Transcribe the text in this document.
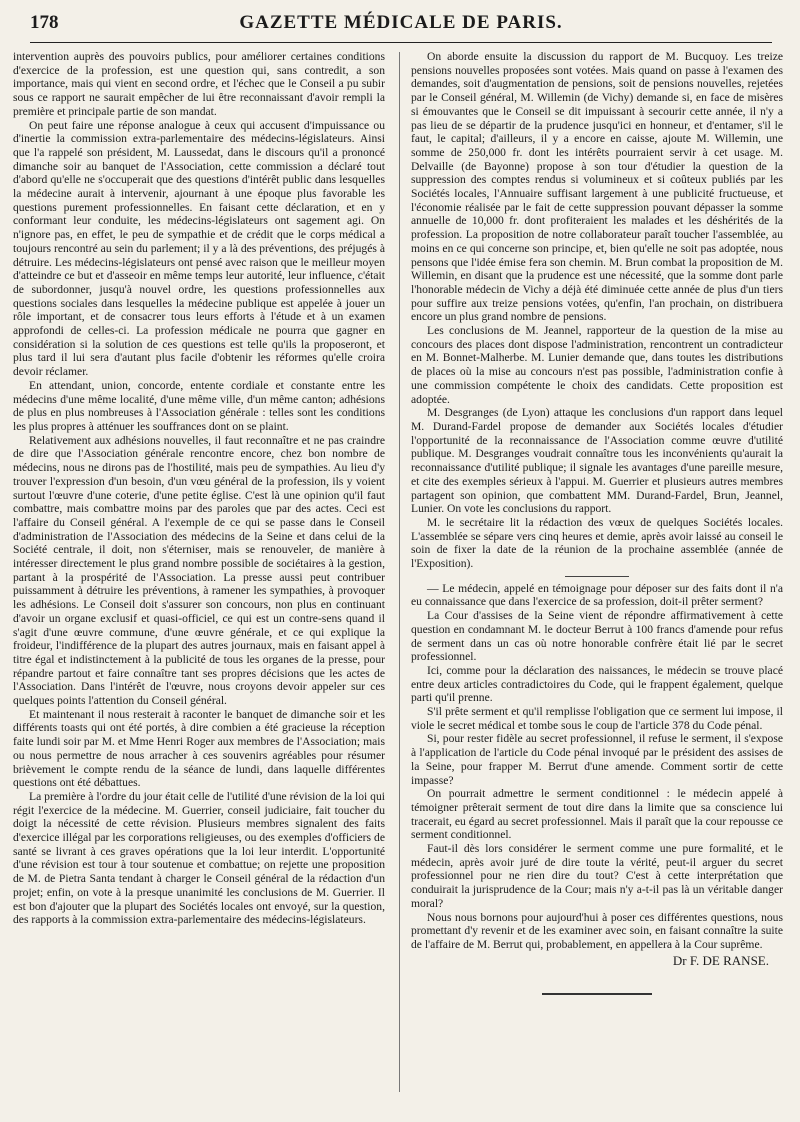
178	GAZETTE MÉDICALE DE PARIS.

intervention auprès des pouvoirs publics, pour améliorer certaines conditions d'exercice de la profession, est une question qui, sans contredit, a son importance, mais qui vient en second ordre, et l'échec que le Conseil a pu subir sous ce rapport ne saurait empêcher de lui être reconnaissant d'avoir rempli la première et principale partie de son mandat.

On peut faire une réponse analogue à ceux qui accusent d'impuissance ou d'inertie la commission extra-parlementaire des médecins-législateurs. Ainsi que l'a rappelé son président, M. Laussedat, dans le discours qu'il a prononcé dimanche soir au banquet de l'Association, cette commission a déclaré tout d'abord qu'elle ne s'occuperait que des questions d'intérêt public dans lesquelles la médecine aurait à intervenir, ajournant à une époque plus favorable les questions purement professionnelles. En faisant cette déclaration, et en y conformant leur conduite, les médecins-législateurs ont sagement agi. On n'ignore pas, en effet, le peu de sympathie et de crédit que le corps médical a toujours rencontré au sein du parlement; il y a là des préventions, des préjugés à détruire. Les médecins-législateurs ont pensé avec raison que le meilleur moyen d'atteindre ce but et d'asseoir en même temps leur autorité, leur influence, c'était de subordonner, jusqu'à nouvel ordre, les questions professionnelles aux questions sociales dans lesquelles la médecine publique est appelée à jouer un rôle important, et de consacrer tous leurs efforts à l'étude et à un examen approfondi de celles-ci. La profession médicale ne pourra que gagner en considération si la solution de ces questions est telle qu'ils la proposeront, et plus tard il lui sera d'autant plus facile d'obtenir les réformes qu'elle croira devoir réclamer.

En attendant, union, concorde, entente cordiale et constante entre les médecins d'une même localité, d'une même ville, d'un même canton; adhésions de plus en plus nombreuses à l'Association générale : telles sont les conditions les plus propres à atténuer les souffrances dont on se plaint.

Relativement aux adhésions nouvelles, il faut reconnaître et ne pas craindre de dire que l'Association générale rencontre encore, chez bon nombre de médecins, nous ne dirons pas de l'hostilité, mais peu de sympathies. Au lieu d'y trouver l'expression d'un besoin, d'un vœu général de la profession, ils y voient surtout l'œuvre d'une coterie, d'une petite église. C'est là une opinion qu'il faut combattre, mais combattre moins par des paroles que par des actes. Ceci est l'affaire du Conseil général. A l'exemple de ce qui se passe dans le Conseil d'administration de l'Association des médecins de la Seine et dans celui de la Société centrale, il doit, non s'éterniser, mais se renouveler, de manière à intéresser directement le plus grand nombre possible de sociétaires à la gestion, partant à la prospérité de l'Association. La presse aussi peut contribuer puissamment à détruire les préventions, à ramener les sympathies, à provoquer les adhésions. Le Conseil doit s'assurer son concours, non plus en continuant d'avoir un organe exclusif et quasi-officiel, ce qui est un contre-sens quand il s'agit d'une œuvre commune, d'une œuvre générale, et ce qui explique la froideur, l'indifférence de la plupart des autres journaux, mais en faisant appel à titre égal et indistinctement à la publicité de tous les organes de la presse, pour répandre partout et faire connaître tant ses propres décisions que les actes de l'Association. Dans l'intérêt de l'œuvre, nous croyons devoir appeler sur ces quelques points l'attention du Conseil général.

Et maintenant il nous resterait à raconter le banquet de dimanche soir et les différents toasts qui ont été portés, à dire combien a été gracieuse la réception faite lundi soir par M. et Mme Henri Roger aux membres de l'Association; mais ou nous permettre de nous arracher à ces souvenirs agréables pour résumer brièvement le compte rendu de la séance de lundi, dans laquelle différentes questions ont été débattues.

La première à l'ordre du jour était celle de l'utilité d'une révision de la loi qui régit l'exercice de la médecine. M. Guerrier, conseil judiciaire, fait toucher du doigt la nécessité de cette révision. Plusieurs membres signalent des faits d'exercice illégal par les corporations religieuses, ou des exemples d'officiers de santé se livrant à ces graves opérations que la loi leur interdit. L'opportunité d'une révision est tour à tour soutenue et combattue; on rejette une proposition de M. de Pietra Santa tendant à charger le Conseil général de la rédaction d'un projet; enfin, on vote à la presque unanimité les conclusions de M. Guerrier. Il est bon d'ajouter que la plupart des Sociétés locales ont envoyé, sur la question, des rapports à la commission extra-parlementaire des médecins-législateurs.

On aborde ensuite la discussion du rapport de M. Bucquoy. Les treize pensions nouvelles proposées sont votées. Mais quand on passe à l'examen des demandes, soit d'augmentation de pensions, soit de pensions nouvelles, rejetées par le Conseil général, M. Willemin (de Vichy) demande si, en face de misères si émouvantes que le Conseil se dit impuissant à secourir cette année, il n'y a pas lieu de se départir de la prudence jusqu'ici en honneur, et d'entamer, s'il le faut, le capital; d'ailleurs, il y a encore en caisse, ajoute M. Willemin, une somme de 250,000 fr. dont les intérêts pourraient servir à cet usage. M. Delvaille (de Bayonne) propose à son tour d'étudier la question de la suppression des comptes rendus si volumineux et si coûteux publiés par les Sociétés locales, l'Annuaire suffisant largement à une publicité fructueuse, et l'économie réalisée par le fait de cette suppression pouvant dépasser la somme annuelle de 10,000 fr. dont profiteraient les malades et les déshérités de la profession. La proposition de notre collaborateur paraît toucher l'assemblée, au moins en ce qui concerne son principe, et, bien qu'elle ne soit pas adoptée, nous pensons que l'idée émise fera son chemin. M. Brun combat la proposition de M. Willemin, en disant que la prudence est une nécessité, que la somme dont parle l'honorable médecin de Vichy a déjà été diminuée cette année de plus d'un tiers pour suffire aux treize pensions votées, qu'enfin, l'an prochain, on distribuera encore un plus grand nombre de pensions.

Les conclusions de M. Jeannel, rapporteur de la question de la mise au concours des places dont dispose l'administration, rencontrent un contradicteur en M. Bonnet-Malherbe. M. Lunier demande que, dans toutes les distributions de places où la mise au concours n'est pas possible, l'administration confie à une commission compétente le choix des candidats. Cette proposition est adoptée.

M. Desgranges (de Lyon) attaque les conclusions d'un rapport dans lequel M. Durand-Fardel propose de demander aux Sociétés locales d'étudier l'opportunité de la reconnaissance de l'Association comme œuvre d'utilité publique. M. Desgranges voudrait connaître tous les inconvénients qu'aurait la reconnaissance d'utilité publique; il signale les avantages d'une pareille mesure, et cite des exemples sérieux à l'appui. M. Guerrier et plusieurs autres membres partagent son opinion, que combattent MM. Durand-Fardel, Brun, Jeannel, Lunier. On vote les conclusions du rapport.

M. le secrétaire lit la rédaction des vœux de quelques Sociétés locales. L'assemblée se sépare vers cinq heures et demie, après avoir laissé au conseil le soin de fixer la date de la réunion de la prochaine assemblée (année de l'Exposition).

— Le médecin, appelé en témoignage pour déposer sur des faits dont il n'a eu connaissance que dans l'exercice de sa profession, doit-il prêter serment?

La Cour d'assises de la Seine vient de répondre affirmativement à cette question en condamnant M. le docteur Berrut à 100 francs d'amende pour refus de serment dans un cas où notre honorable confrère était lié par le secret professionnel.

Ici, comme pour la déclaration des naissances, le médecin se trouve placé entre deux articles contradictoires du Code, qui le frappent également, quelque parti qu'il prenne.

S'il prête serment et qu'il remplisse l'obligation que ce serment lui impose, il viole le secret médical et tombe sous le coup de l'article 378 du Code pénal.

Si, pour rester fidèle au secret professionnel, il refuse le serment, il s'expose à l'application de l'article du Code pénal invoqué par le président des assises de la Seine, pour frapper M. Berrut d'une amende. Comment sortir de cette impasse?

On pourrait admettre le serment conditionnel : le médecin appelé à témoigner prêterait serment de tout dire dans la limite que sa conscience lui tracerait, eu égard au secret professionnel. Mais il paraît que la cour repousse ce serment conditionnel.

Faut-il dès lors considérer le serment comme une pure formalité, et le médecin, après avoir juré de dire toute la vérité, peut-il arguer du secret professionnel pour ne rien dire du tout? C'est à cette interprétation que conduirait la jurisprudence de la Cour; mais n'y a-t-il pas là un véritable danger moral?

Nous nous bornons pour aujourd'hui à poser ces différentes questions, nous promettant d'y revenir et de les examiner avec soin, en faisant connaître la suite de l'affaire de M. Berrut qui, probablement, en appellera à la Cour suprême.

Dr F. DE RANSE.
